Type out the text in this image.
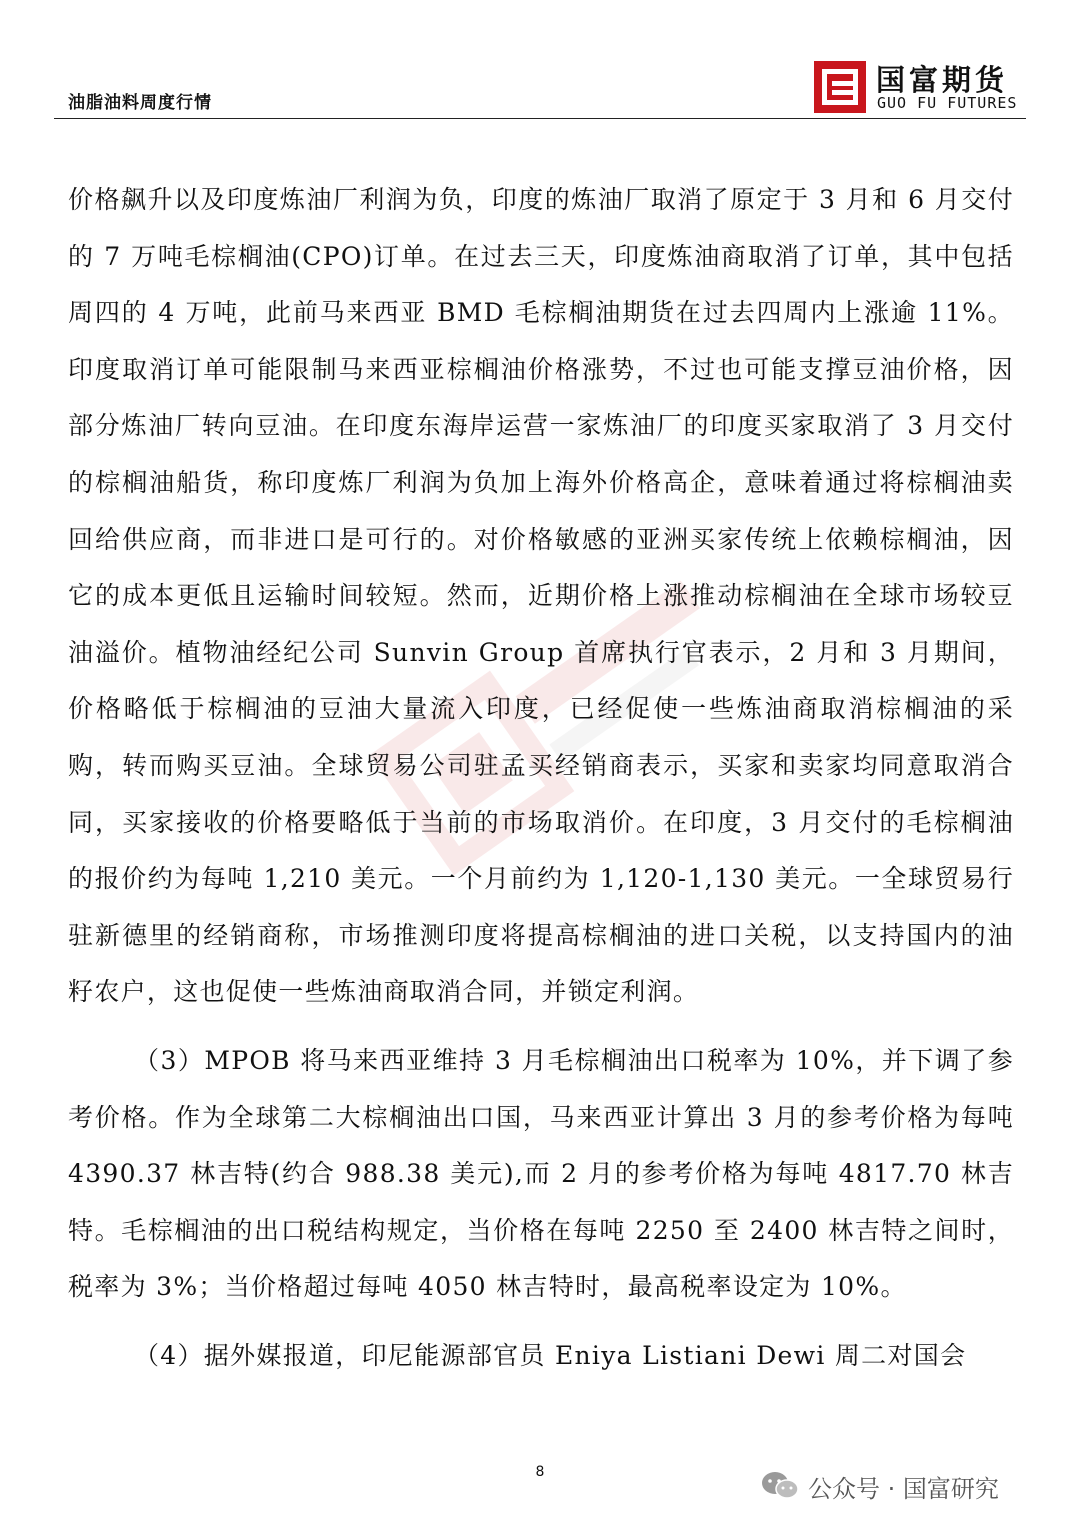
油脂油料周度行情
国富期货
GUO FU FUTURES

价格飙升以及印度炼油厂利润为负，印度的炼油厂取消了原定于 3 月和 6 月交付的 7 万吨毛棕榈油(CPO)订单。在过去三天，印度炼油商取消了订单，其中包括周四的 4 万吨，此前马来西亚 BMD 毛棕榈油期货在过去四周内上涨逾 11%。印度取消订单可能限制马来西亚棕榈油价格涨势，不过也可能支撑豆油价格，因部分炼油厂转向豆油。在印度东海岸运营一家炼油厂的印度买家取消了 3 月交付的棕榈油船货，称印度炼厂利润为负加上海外价格高企，意味着通过将棕榈油卖回给供应商，而非进口是可行的。对价格敏感的亚洲买家传统上依赖棕榈油，因它的成本更低且运输时间较短。然而，近期价格上涨推动棕榈油在全球市场较豆油溢价。植物油经纪公司 Sunvin Group 首席执行官表示，2 月和 3 月期间，价格略低于棕榈油的豆油大量流入印度，已经促使一些炼油商取消棕榈油的采购，转而购买豆油。全球贸易公司驻孟买经销商表示，买家和卖家均同意取消合同，买家接收的价格要略低于当前的市场取消价。在印度，3 月交付的毛棕榈油的报价约为每吨 1,210 美元。一个月前约为 1,120-1,130 美元。一全球贸易行驻新德里的经销商称，市场推测印度将提高棕榈油的进口关税，以支持国内的油籽农户，这也促使一些炼油商取消合同，并锁定利润。

（3）MPOB 将马来西亚维持 3 月毛棕榈油出口税率为 10%，并下调了参考价格。作为全球第二大棕榈油出口国，马来西亚计算出 3 月的参考价格为每吨 4390.37 林吉特(约合 988.38 美元),而 2 月的参考价格为每吨 4817.70 林吉特。毛棕榈油的出口税结构规定，当价格在每吨 2250 至 2400 林吉特之间时，税率为 3%；当价格超过每吨 4050 林吉特时，最高税率设定为 10%。

（4）据外媒报道，印尼能源部官员 Eniya Listiani Dewi 周二对国会

8
公众号 · 国富研究
